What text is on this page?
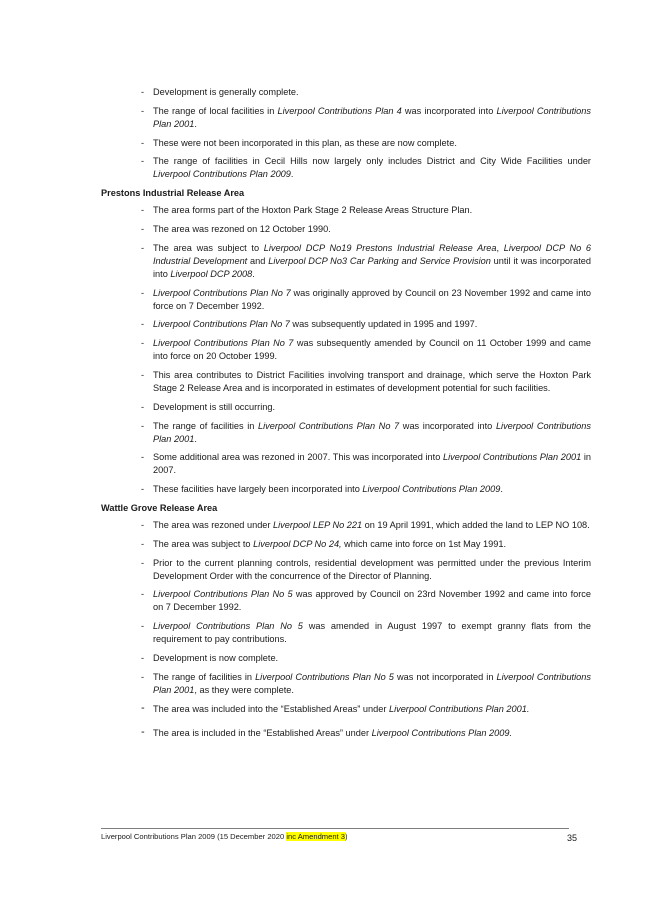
- Development is generally complete.
- The range of local facilities in Liverpool Contributions Plan 4 was incorporated into Liverpool Contributions Plan 2001.
- These were not been incorporated in this plan, as these are now complete.
- The range of facilities in Cecil Hills now largely only includes District and City Wide Facilities under Liverpool Contributions Plan 2009.
Prestons Industrial Release Area
- The area forms part of the Hoxton Park Stage 2 Release Areas Structure Plan.
- The area was rezoned on 12 October 1990.
- The area was subject to Liverpool DCP No19 Prestons Industrial Release Area, Liverpool DCP No 6 Industrial Development and Liverpool DCP No3 Car Parking and Service Provision until it was incorporated into Liverpool DCP 2008.
- Liverpool Contributions Plan No 7 was originally approved by Council on 23 November 1992 and came into force on 7 December 1992.
- Liverpool Contributions Plan No 7 was subsequently updated in 1995 and 1997.
- Liverpool Contributions Plan No 7 was subsequently amended by Council on 11 October 1999 and came into force on 20 October 1999.
- This area contributes to District Facilities involving transport and drainage, which serve the Hoxton Park Stage 2 Release Area and is incorporated in estimates of development potential for such facilities.
- Development is still occurring.
- The range of facilities in Liverpool Contributions Plan No 7 was incorporated into Liverpool Contributions Plan 2001.
- Some additional area was rezoned in 2007. This was incorporated into Liverpool Contributions Plan 2001 in 2007.
- These facilities have largely been incorporated into Liverpool Contributions Plan 2009.
Wattle Grove Release Area
- The area was rezoned under Liverpool LEP No 221 on 19 April 1991, which added the land to LEP NO 108.
- The area was subject to Liverpool DCP No 24, which came into force on 1st May 1991.
- Prior to the current planning controls, residential development was permitted under the previous Interim Development Order with the concurrence of the Director of Planning.
- Liverpool Contributions Plan No 5 was approved by Council on 23rd November 1992 and came into force on 7 December 1992.
- Liverpool Contributions Plan No 5 was amended in August 1997 to exempt granny flats from the requirement to pay contributions.
- Development is now complete.
- The range of facilities in Liverpool Contributions Plan No 5 was not incorporated in Liverpool Contributions Plan 2001, as they were complete.
- The area was included into the “Established Areas” under Liverpool Contributions Plan 2001.
- The area is included in the “Established Areas” under Liverpool Contributions Plan 2009.
Liverpool Contributions Plan 2009 (15 December 2020 inc Amendment 3)	35
